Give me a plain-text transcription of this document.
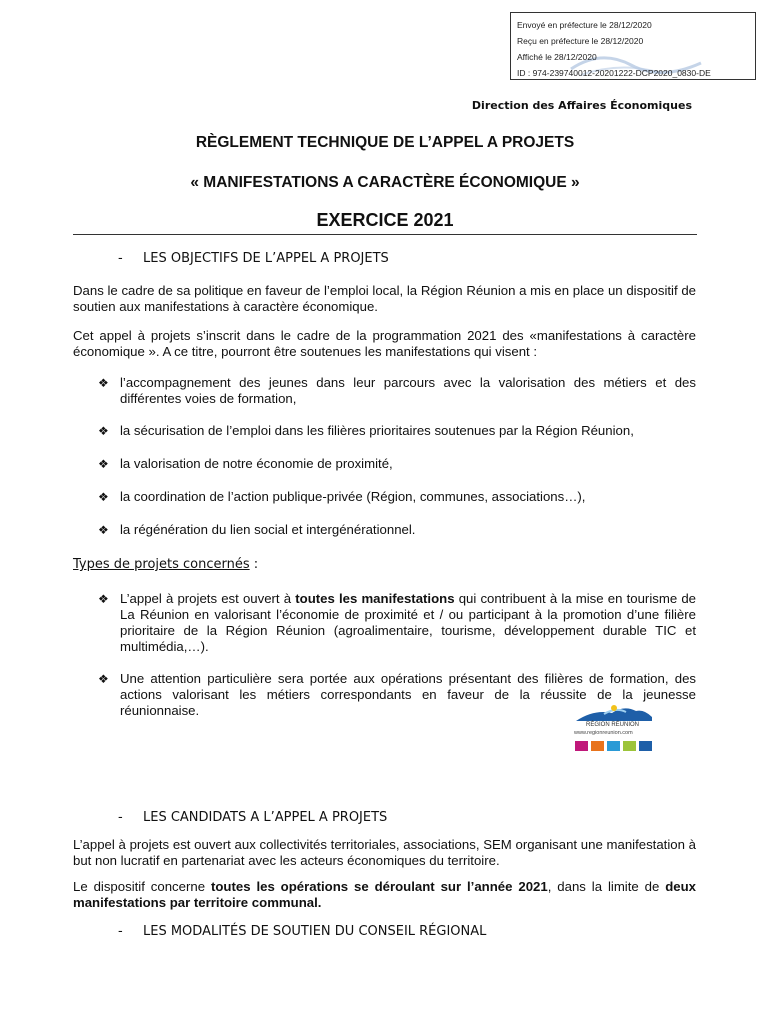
Envoyé en préfecture le 28/12/2020
Reçu en préfecture le 28/12/2020
Affiché le 28/12/2020
ID : 974-239740012-20201222-DCP2020_0830-DE
Direction des Affaires Économiques
RÈGLEMENT TECHNIQUE DE L’APPEL A PROJETS
« MANIFESTATIONS A CARACTÈRE ÉCONOMIQUE »
EXERCICE 2021
- LES OBJECTIFS DE L’APPEL A PROJETS

Dans le cadre de sa politique en faveur de l’emploi local, la Région Réunion a mis en place un dispositif de soutien aux manifestations à caractère économique.

Cet appel à projets s’inscrit dans le cadre de la programmation 2021 des «manifestations à caractère économique ». A ce titre, pourront être soutenues les manifestations qui visent :

❖ l’accompagnement des jeunes dans leur parcours avec la valorisation des métiers et des différentes voies de formation,
❖ la sécurisation de l’emploi dans les filières prioritaires soutenues par la Région Réunion,
❖ la valorisation de notre économie de proximité,
❖ la coordination de l’action publique-privée (Région, communes, associations…),
❖ la régénération du lien social et intergénérationnel.
Types de projets concernés :
❖ L’appel à projets est ouvert à toutes les manifestations qui contribuent à la mise en tourisme de La Réunion en valorisant l’économie de proximité et / ou participant à la promotion d’une filière prioritaire de la Région Réunion (agroalimentaire, tourisme, développement durable TIC et multimédia,…).
❖ Une attention particulière sera portée aux opérations présentant des filières de formation, des actions valorisant les métiers correspondants en faveur de la réussite de la jeunesse réunionnaise.
RÉGION RÉUNION
www.regionreunion.com
- LES CANDIDATS A L’APPEL A PROJETS

L’appel à projets est ouvert aux collectivités territoriales, associations, SEM organisant une manifestation à but non lucratif en partenariat avec les acteurs économiques du territoire.

Le dispositif concerne toutes les opérations se déroulant sur l’année 2021, dans la limite de deux manifestations par territoire communal.

- LES MODALITÉS DE SOUTIEN DU CONSEIL RÉGIONAL
